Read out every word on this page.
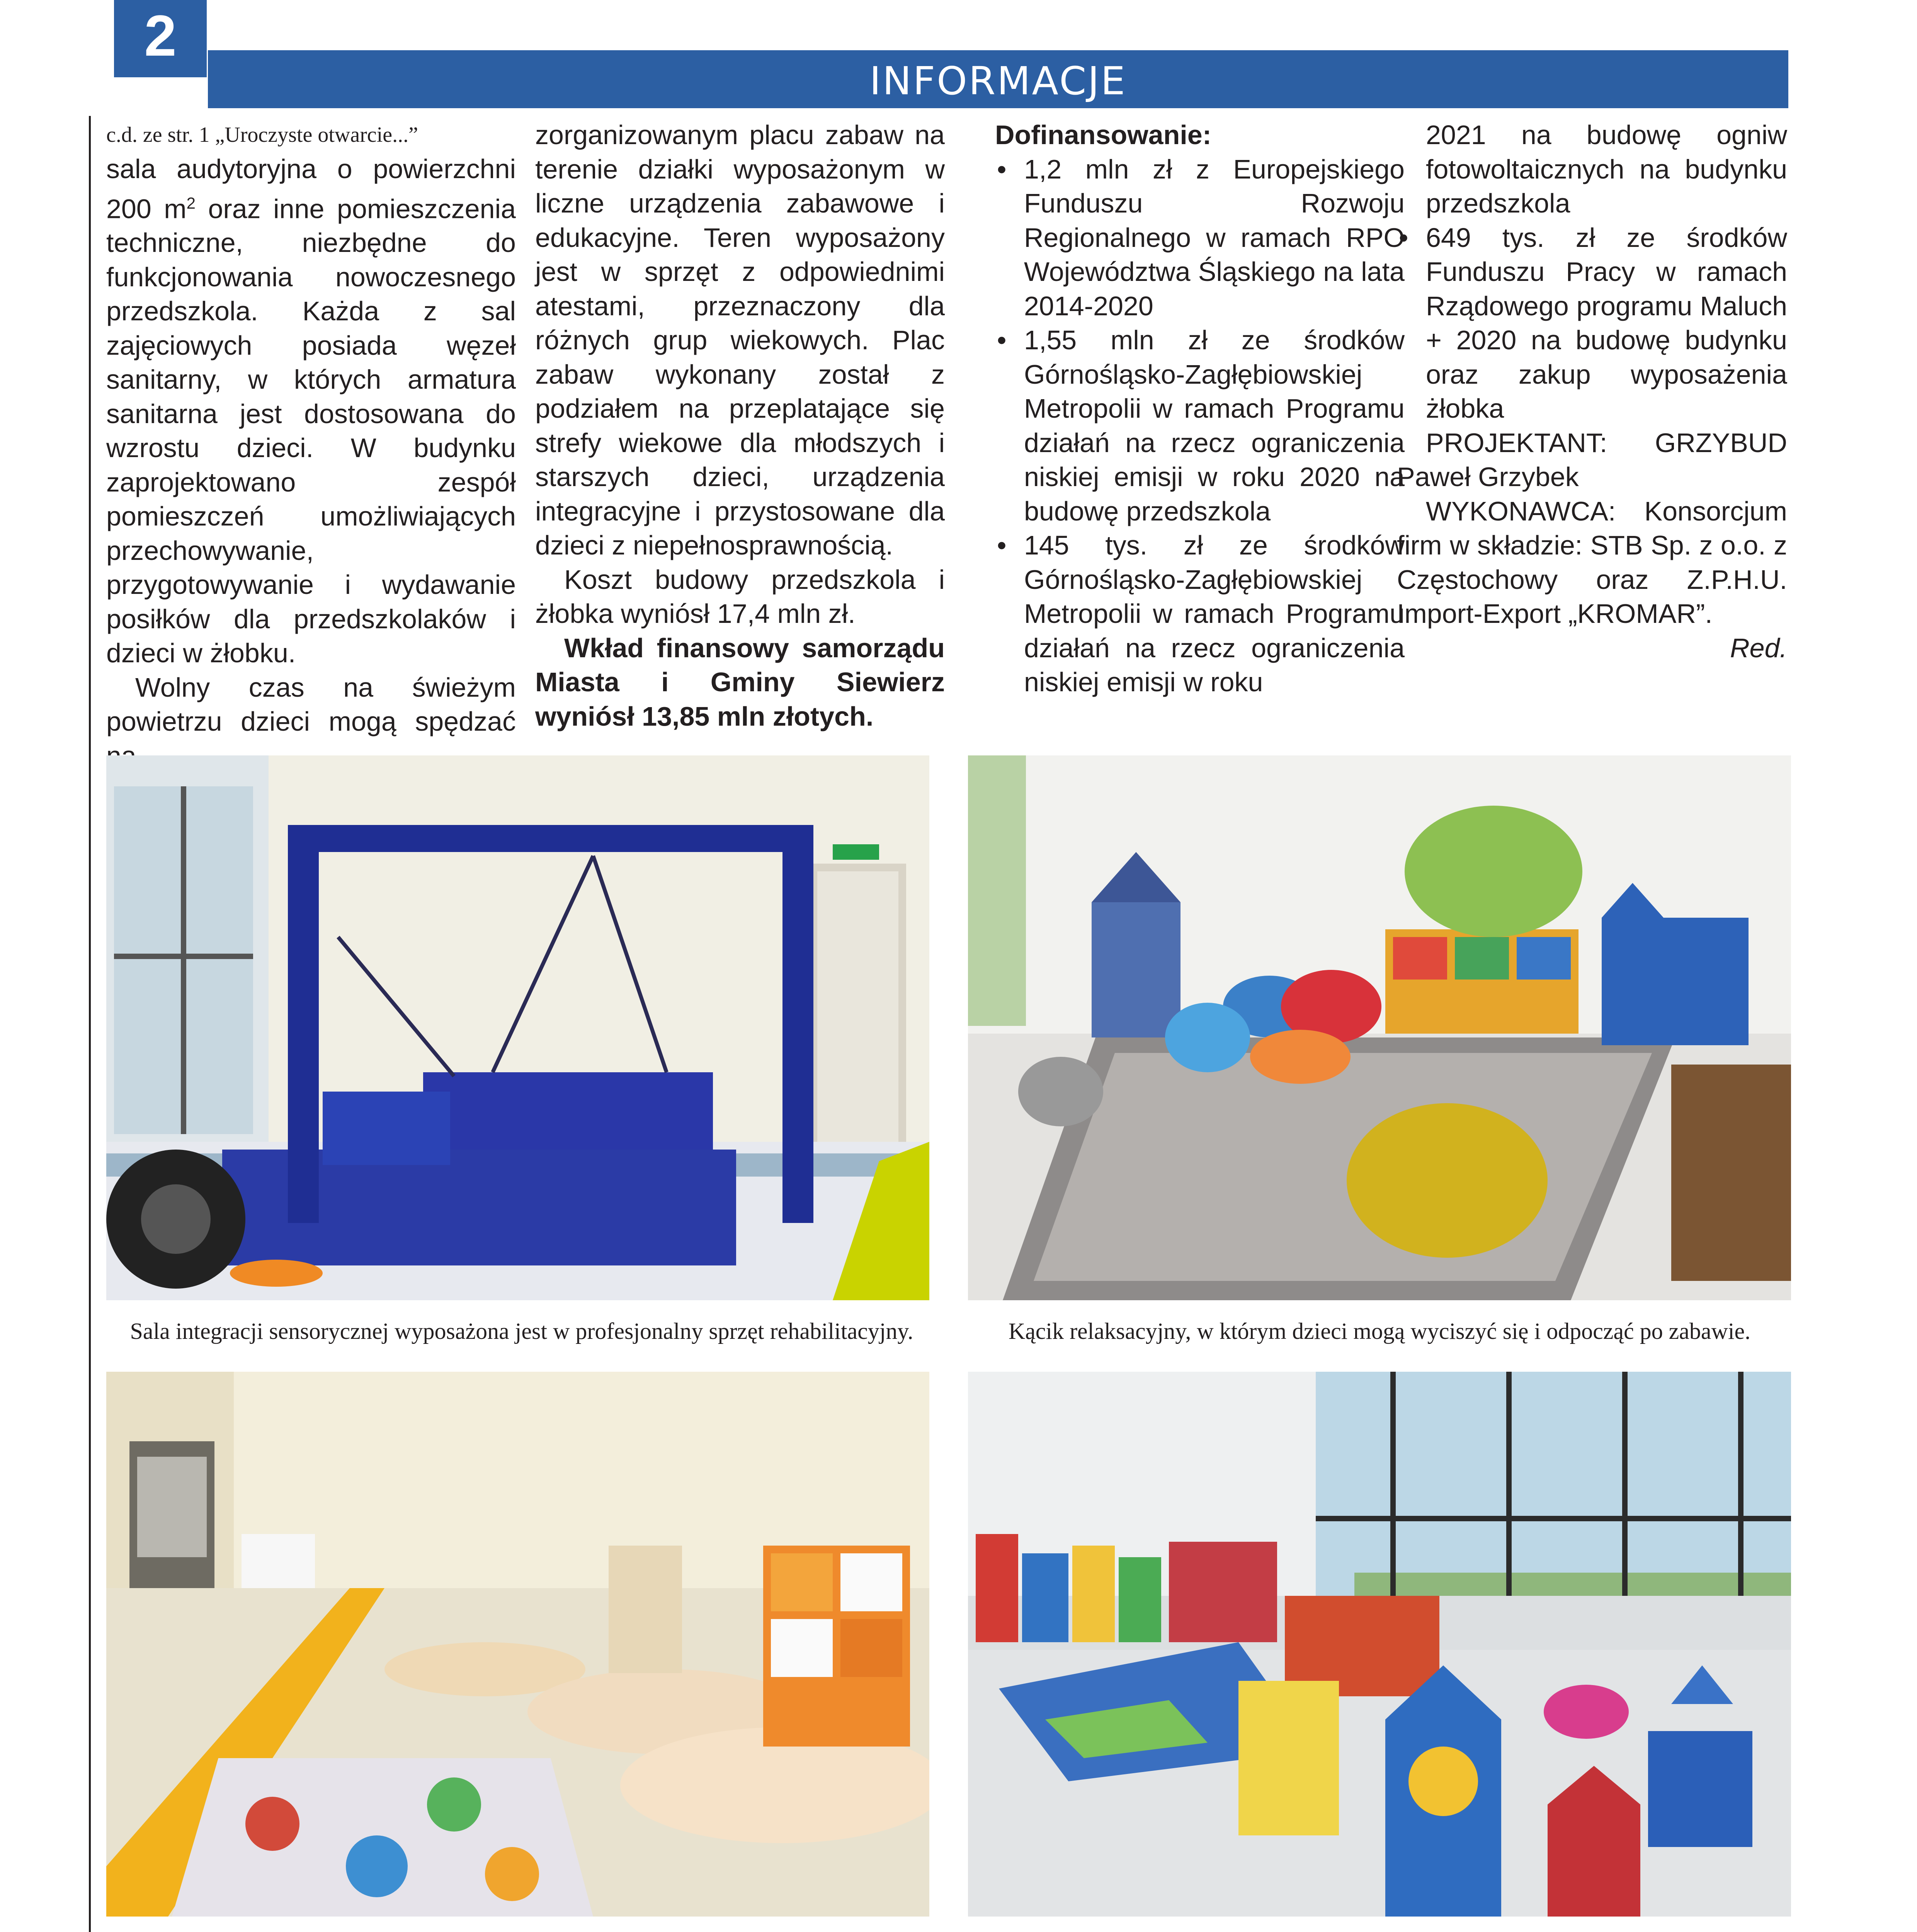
2
INFORMACJE

c.d. ze str. 1 „Uroczyste otwarcie...”

sala audytoryjna o powierzchni 200 $m^2$ oraz inne pomieszczenia techniczne, niezbędne do funkcjonowania nowoczesnego przedszkola. Każda z sal zajęciowych posiada węzeł sanitarny, w których armatura sanitarna jest dostosowana do wzrostu dzieci. W budynku zaprojektowano zespół pomieszczeń umożliwiających przechowywanie, przygotowywanie i wydawanie posiłków dla przedszkolaków i dzieci w żłobku.

Wolny czas na świeżym powietrzu dzieci mogą spędzać

zorganizowanym placu zabaw na terenie działki wyposażonym w liczne urządzenia zabawowe i edukacyjne. Teren wyposażony jest w sprzęt z odpowiednimi atestami, przeznaczony dla różnych grup wiekowych. Plac zabaw wykonany został z podziałem na przeplatające się strefy wiekowe dla młodszych i starszych dzieci, urządzenia integracyjne i przystosowane dla dzieci z niepełnosprawnością.

Koszt budowy przedszkola i żłobka wyniósł 17,4 mln zł.

Wkład finansowy samorządu Miasta i Gminy Siewierz wyniósł 13,85 mln złotych.

Dofinansowanie:

• 1,2 mln zł z Europejskiego Funduszu Rozwoju Regionalnego w ramach RPO Województwa Śląskiego na lata 2014-2020
• 1,55 mln zł ze środków Górnośląsko-Zagłębiowskiej Metropolii w ramach Programu działań na rzecz ograniczenia niskiej emisji w roku 2020 na budowę przedszkola
• 145 tys. zł ze środków Górnośląsko-Zagłębiowskiej Metropolii w ramach Programu działań na rzecz ograniczenia niskiej emisji w roku
2021 na budowę ogniw fotowoltaicznych na budynku przedszkola
• 649 tys. zł ze środków Funduszu Pracy w ramach Rządowego programu Maluch + 2020 na budowę budynku oraz zakup wyposażenia żłobka

PROJEKTANT: GRZYBUD Paweł Grzybek

WYKONAWCA: Konsorcjum firm w składzie: STB Sp. z o.o. z Częstochowy oraz Z.P.H.U. Import-Export „KROMAR”.

Red.

Sala integracji sensorycznej wyposażona jest w profesjonalny sprzęt rehabilitacyjny.	Kącik relaksacyjny, w którym dzieci mogą wyciszyć się i odpocząć po zabawie.
